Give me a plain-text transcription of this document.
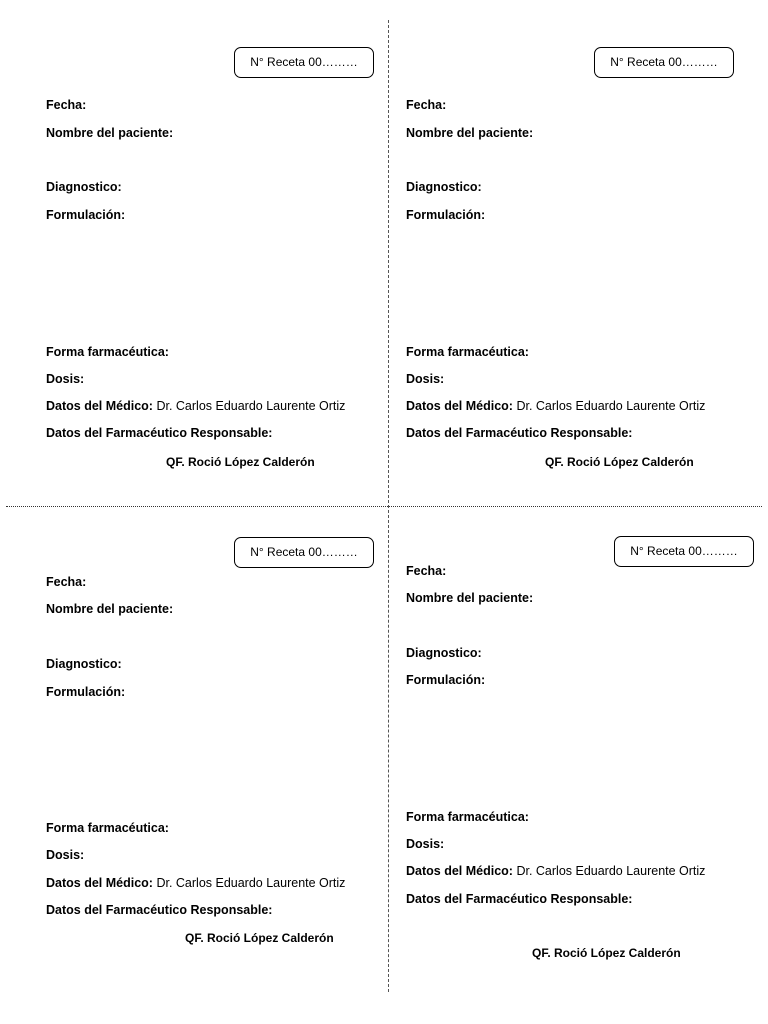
N° Receta 00………
Fecha:
Nombre del paciente:
Diagnostico:
Formulación:
Forma farmacéutica:
Dosis:
Datos del Médico: Dr. Carlos Eduardo Laurente Ortiz
Datos del Farmacéutico Responsable:
QF. Roció López Calderón
N° Receta 00………
Fecha:
Nombre del paciente:
Diagnostico:
Formulación:
Forma farmacéutica:
Dosis:
Datos del Médico: Dr. Carlos Eduardo Laurente Ortiz
Datos del Farmacéutico Responsable:
QF. Roció López Calderón
N° Receta 00………
Fecha:
Nombre del paciente:
Diagnostico:
Formulación:
Forma farmacéutica:
Dosis:
Datos del Médico: Dr. Carlos Eduardo Laurente Ortiz
Datos del Farmacéutico Responsable:
QF. Roció López Calderón
N° Receta 00………
Fecha:
Nombre del paciente:
Diagnostico:
Formulación:
Forma farmacéutica:
Dosis:
Datos del Médico: Dr. Carlos Eduardo Laurente Ortiz
Datos del Farmacéutico Responsable:
QF. Roció López Calderón
